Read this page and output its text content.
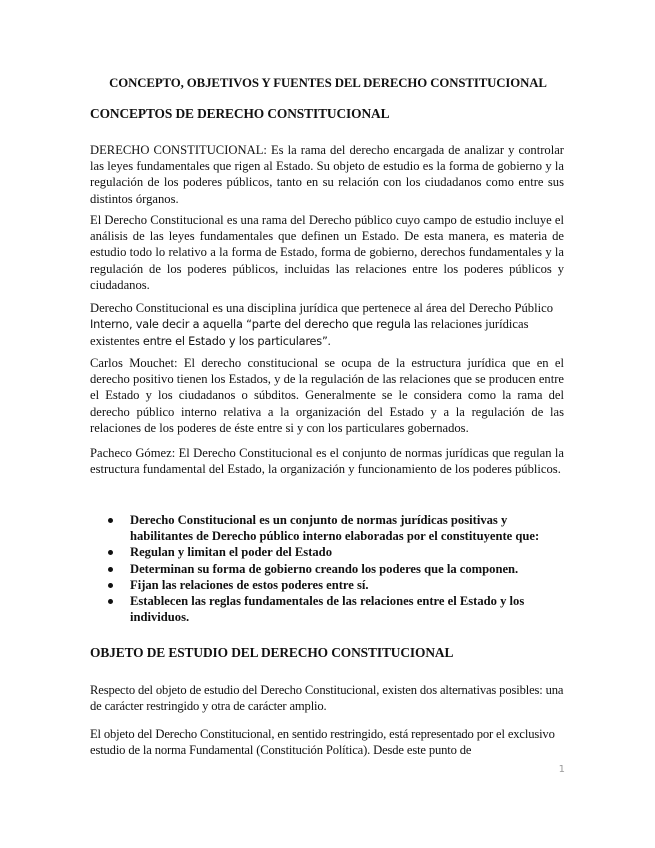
CONCEPTO, OBJETIVOS Y FUENTES DEL DERECHO CONSTITUCIONAL
CONCEPTOS DE DERECHO CONSTITUCIONAL

DERECHO CONSTITUCIONAL: Es la rama del derecho encargada de analizar y controlar las leyes fundamentales que rigen al Estado. Su objeto de estudio es la forma de gobierno y la regulación de los poderes públicos, tanto en su relación con los ciudadanos como entre sus distintos órganos.

El Derecho Constitucional es una rama del Derecho público cuyo campo de estudio incluye el análisis de las leyes fundamentales que definen un Estado. De esta manera, es materia de estudio todo lo relativo a la forma de Estado, forma de gobierno, derechos fundamentales y la regulación de los poderes públicos, incluidas las relaciones entre los poderes públicos y ciudadanos.

Derecho Constitucional es una disciplina jurídica que pertenece al área del Derecho Público Interno, vale decir a aquella “parte del derecho que regula las relaciones jurídicas existentes entre el Estado y los particulares”.

Carlos Mouchet: El derecho constitucional se ocupa de la estructura jurídica que en el derecho positivo tienen los Estados, y de la regulación de las relaciones que se producen entre el Estado y los ciudadanos o súbditos. Generalmente se le considera como la rama del derecho público interno relativa a la organización del Estado y a la regulación de las relaciones de los poderes de éste entre si y con los particulares gobernados.

Pacheco Gómez: El Derecho Constitucional es el conjunto de normas jurídicas que regulan la estructura fundamental del Estado, la organización y funcionamiento de los poderes públicos.

Derecho Constitucional es un conjunto de normas jurídicas positivas y habilitantes de Derecho público interno elaboradas por el constituyente que:
Regulan y limitan el poder del Estado
Determinan su forma de gobierno creando los poderes que la componen.
Fijan las relaciones de estos poderes entre sí.
Establecen las reglas fundamentales de las relaciones entre el Estado y los individuos.
OBJETO DE ESTUDIO DEL DERECHO CONSTITUCIONAL

Respecto del objeto de estudio del Derecho Constitucional, existen dos alternativas posibles: una de carácter restringido y otra de carácter amplio.

El objeto del Derecho Constitucional, en sentido restringido, está representado por el exclusivo estudio de la norma Fundamental (Constitución Política). Desde este punto de

1
